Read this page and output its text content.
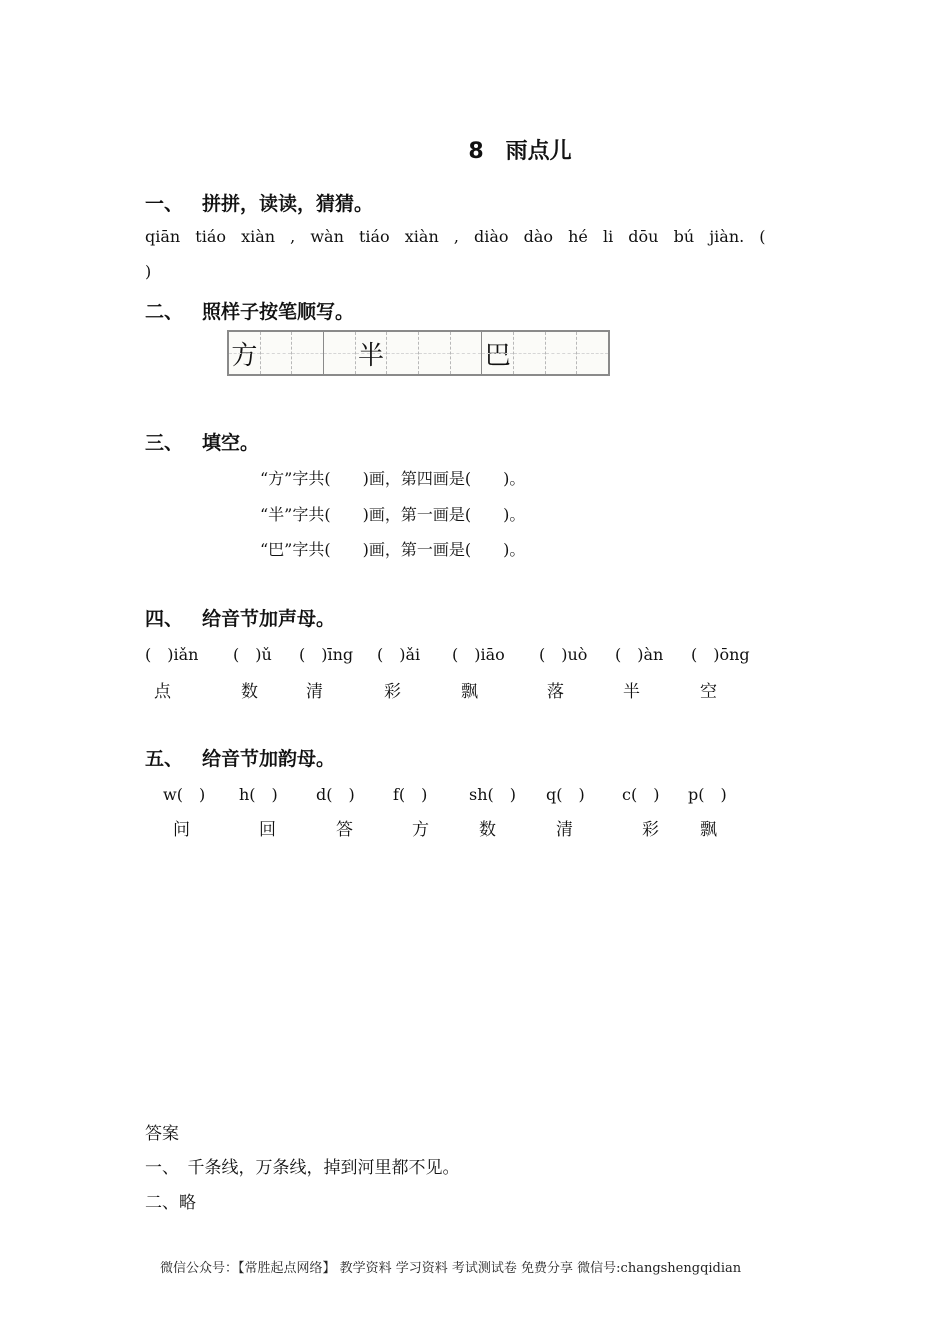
8　雨点儿
一、 拼拼，读读，猜猜。
qiān tiáo xiàn , wàn tiáo xiàn , diào dào hé li dōu bú jiàn. (
)
二、 照样子按笔顺写。
方	半	巴
三、 填空。
“方”字共(　　)画，第四画是(　　)。
“半”字共(　　)画，第一画是(　　)。
“巴”字共(　　)画，第一画是(　　)。
四、 给音节加声母。
(　)iǎn (　)ǔ (　)īng (　)ǎi (　)iāo (　)uò (　)àn (　)ōng
点	数	清	彩	飘	落	半	空
五、 给音节加韵母。
w(　) h(　) d(　) f(　)	sh(　) q(　) c(　) p(　)
问	回	答	方	数	清	彩 飘
答案
一、　千条线，万条线，掉到河里都不见。
二、略
微信公众号：【常胜起点网络】 教学资料 学习资料 考试测试卷 免费分享 微信号:changshengqidian
